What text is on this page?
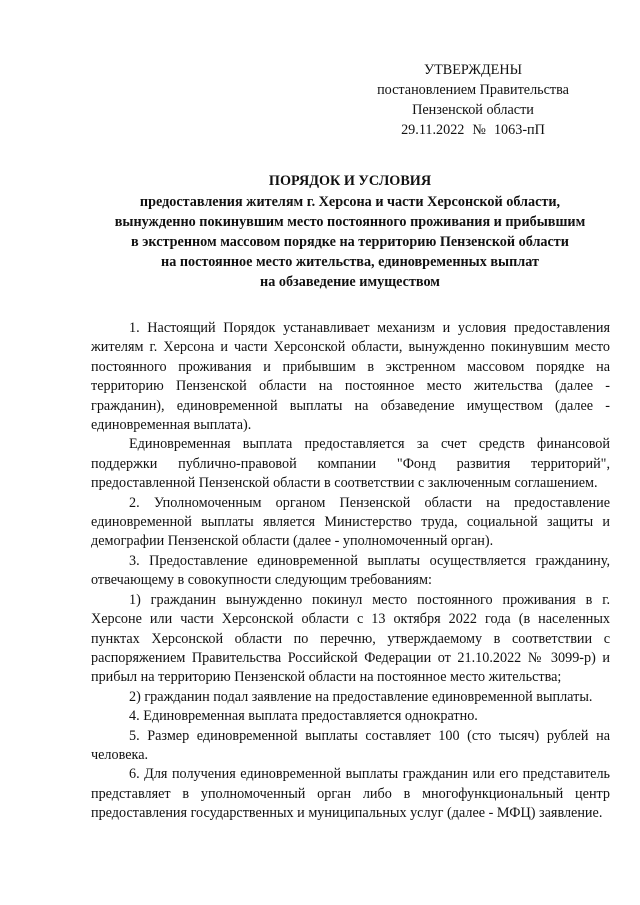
УТВЕРЖДЕНЫ
постановлением Правительства
Пензенской области
29.11.2022 № 1063-пП
ПОРЯДОК И УСЛОВИЯ
предоставления жителям г. Херсона и части Херсонской области,
вынужденно покинувшим место постоянного проживания и прибывшим
в экстренном массовом порядке на территорию Пензенской области
на постоянное место жительства, единовременных выплат
на обзаведение имуществом

1. Настоящий Порядок устанавливает механизм и условия предоставления жителям г. Херсона и части Херсонской области, вынужденно покинувшим место постоянного проживания и прибывшим в экстренном массовом порядке на территорию Пензенской области на постоянное место жительства (далее - гражданин), единовременной выплаты на обзаведение имуществом (далее - единовременная выплата).

Единовременная выплата предоставляется за счет средств финансовой поддержки публично-правовой компании "Фонд развития территорий", предоставленной Пензенской области в соответствии с заключенным соглашением.

2. Уполномоченным органом Пензенской области на предоставление единовременной выплаты является Министерство труда, социальной защиты и демографии Пензенской области (далее - уполномоченный орган).

3. Предоставление единовременной выплаты осуществляется гражданину, отвечающему в совокупности следующим требованиям:

1) гражданин вынужденно покинул место постоянного проживания в г. Херсоне или части Херсонской области с 13 октября 2022 года (в населенных пунктах Херсонской области по перечню, утверждаемому в соответствии с распоряжением Правительства Российской Федерации от 21.10.2022 № 3099-р) и прибыл на территорию Пензенской области на постоянное место жительства;

2) гражданин подал заявление на предоставление единовременной выплаты.

4. Единовременная выплата предоставляется однократно.

5. Размер единовременной выплаты составляет 100 (сто тысяч) рублей на человека.

6. Для получения единовременной выплаты гражданин или его представитель представляет в уполномоченный орган либо в многофункциональный центр предоставления государственных и муниципальных услуг (далее - МФЦ) заявление.
